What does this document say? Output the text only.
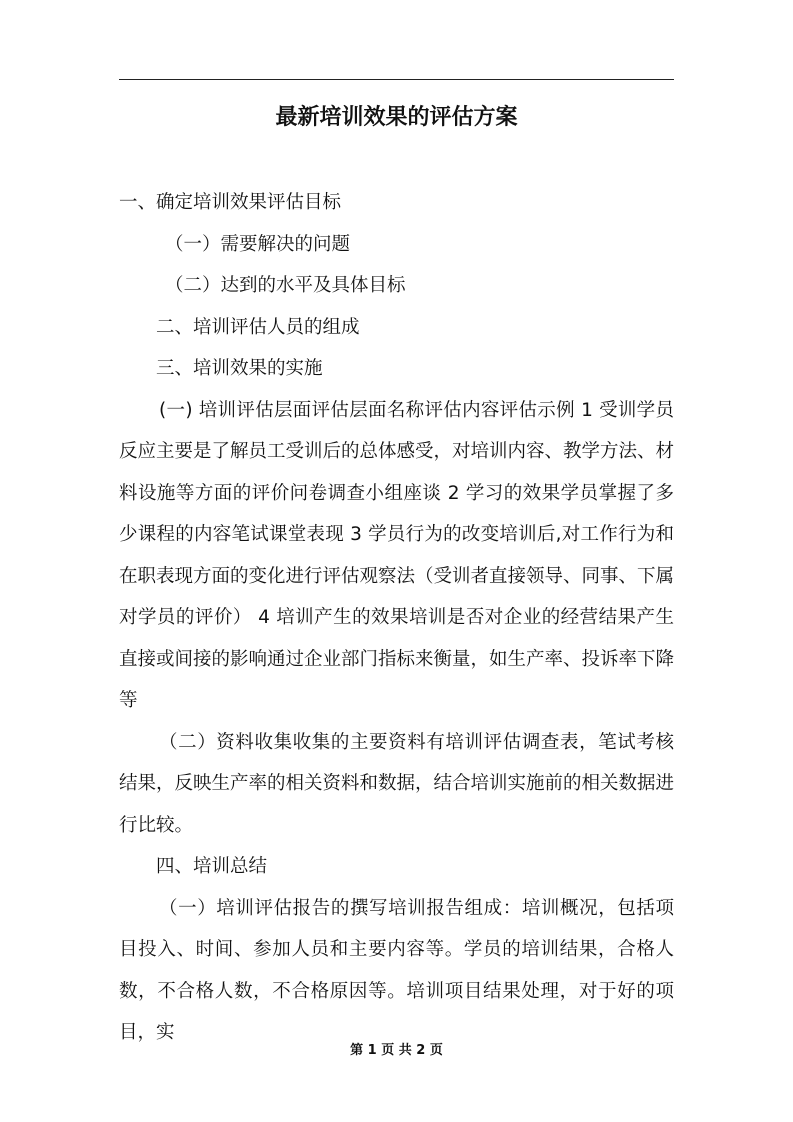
最新培训效果的评估方案

一、确定培训效果评估目标

（一）需要解决的问题

（二）达到的水平及具体目标

二、培训评估人员的组成

三、培训效果的实施

(一) 培训评估层面评估层面名称评估内容评估示例 1 受训学员反应主要是了解员工受训后的总体感受，对培训内容、教学方法、材料设施等方面的评价问卷调查小组座谈 2 学习的效果学员掌握了多少课程的内容笔试课堂表现 3 学员行为的改变培训后,对工作行为和在职表现方面的变化进行评估观察法（受训者直接领导、同事、下属对学员的评价） 4 培训产生的效果培训是否对企业的经营结果产生直接或间接的影响通过企业部门指标来衡量，如生产率、投诉率下降等

（二）资料收集收集的主要资料有培训评估调查表，笔试考核结果，反映生产率的相关资料和数据，结合培训实施前的相关数据进行比较。

四、培训总结

（一）培训评估报告的撰写培训报告组成：培训概况，包括项目投入、时间、参加人员和主要内容等。学员的培训结果，合格人数，不合格人数，不合格原因等。培训项目结果处理，对于好的项目，实

第 1 页 共 2 页
